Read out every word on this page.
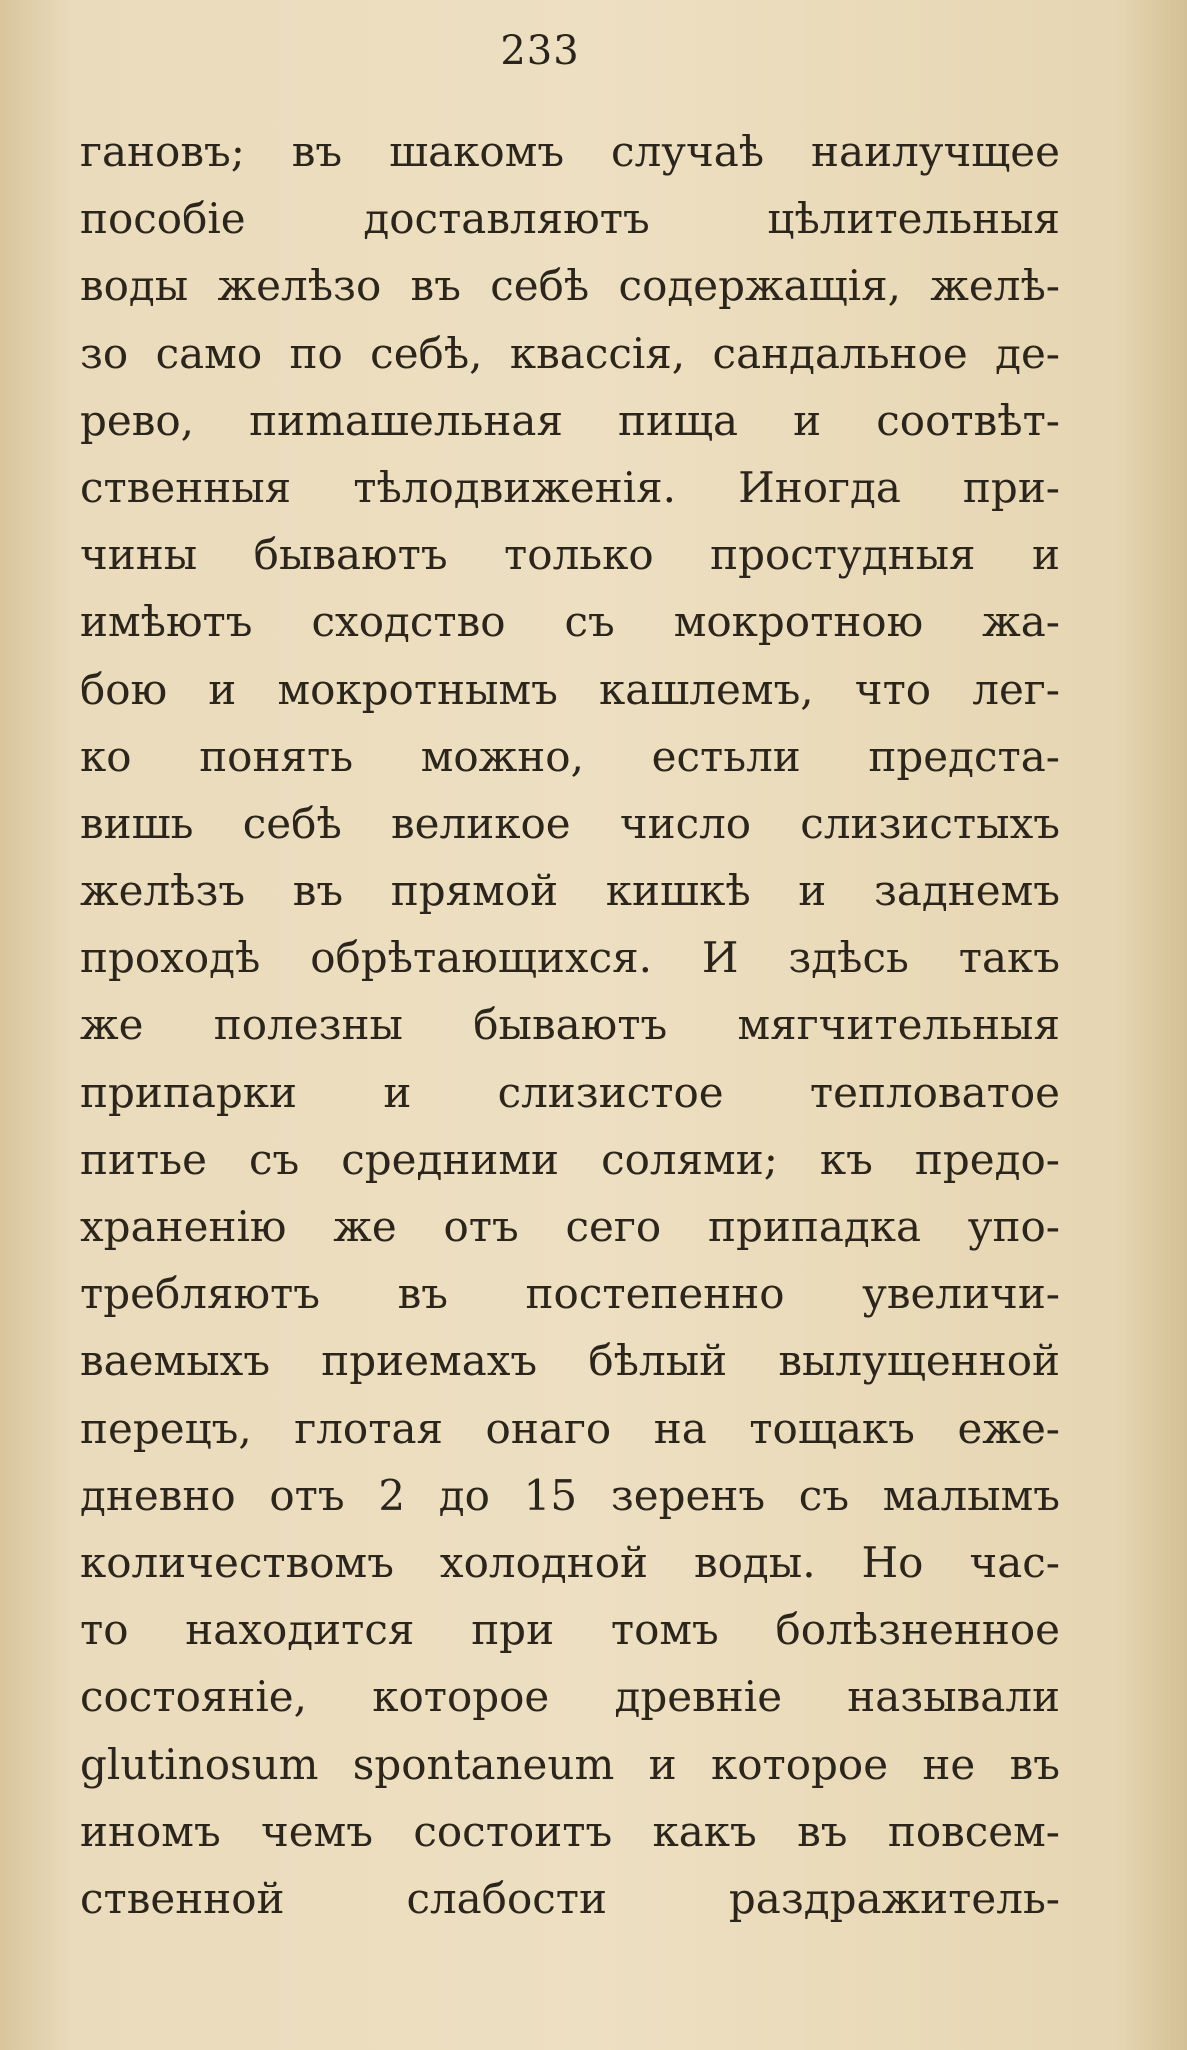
233
гановъ; въ шакомъ случаѣ наилучщее
пособіе доставляютъ цѣлительныя
воды желѣзо въ себѣ содержащія, желѣ-
зо само по себѣ, квассія, сандальное де-
рево, пиmашельная пища и соотвѣт-
ственныя тѣлодвиженія. Иногда при-
чины бываютъ только простудныя и
имѣютъ сходство съ мокротною жа-
бою и мокротнымъ кашлемъ, что лег-
ко понять можно, естьли предста-
вишь себѣ великое число слизистыхъ
желѣзъ въ прямой кишкѣ и заднемъ
проходѣ обрѣтающихся. И здѣсь такъ
же полезны бываютъ мягчительныя
припарки и слизистое тепловатое
питье съ средними солями; къ предо-
храненію же отъ сего припадка упо-
требляютъ въ постепенно увеличи-
ваемыхъ приемахъ бѣлый вылущенной
перецъ, глотая онаго на тощакъ еже-
дневно отъ 2 до 15 зеренъ съ малымъ
количествомъ холодной воды. Но час-
то находится при томъ болѣзненное
состояніе, которое древніе называли
glutinosum spontaneum и которое не въ
иномъ чемъ состоитъ какъ въ повсем-
ственной слабости раздражитель-
